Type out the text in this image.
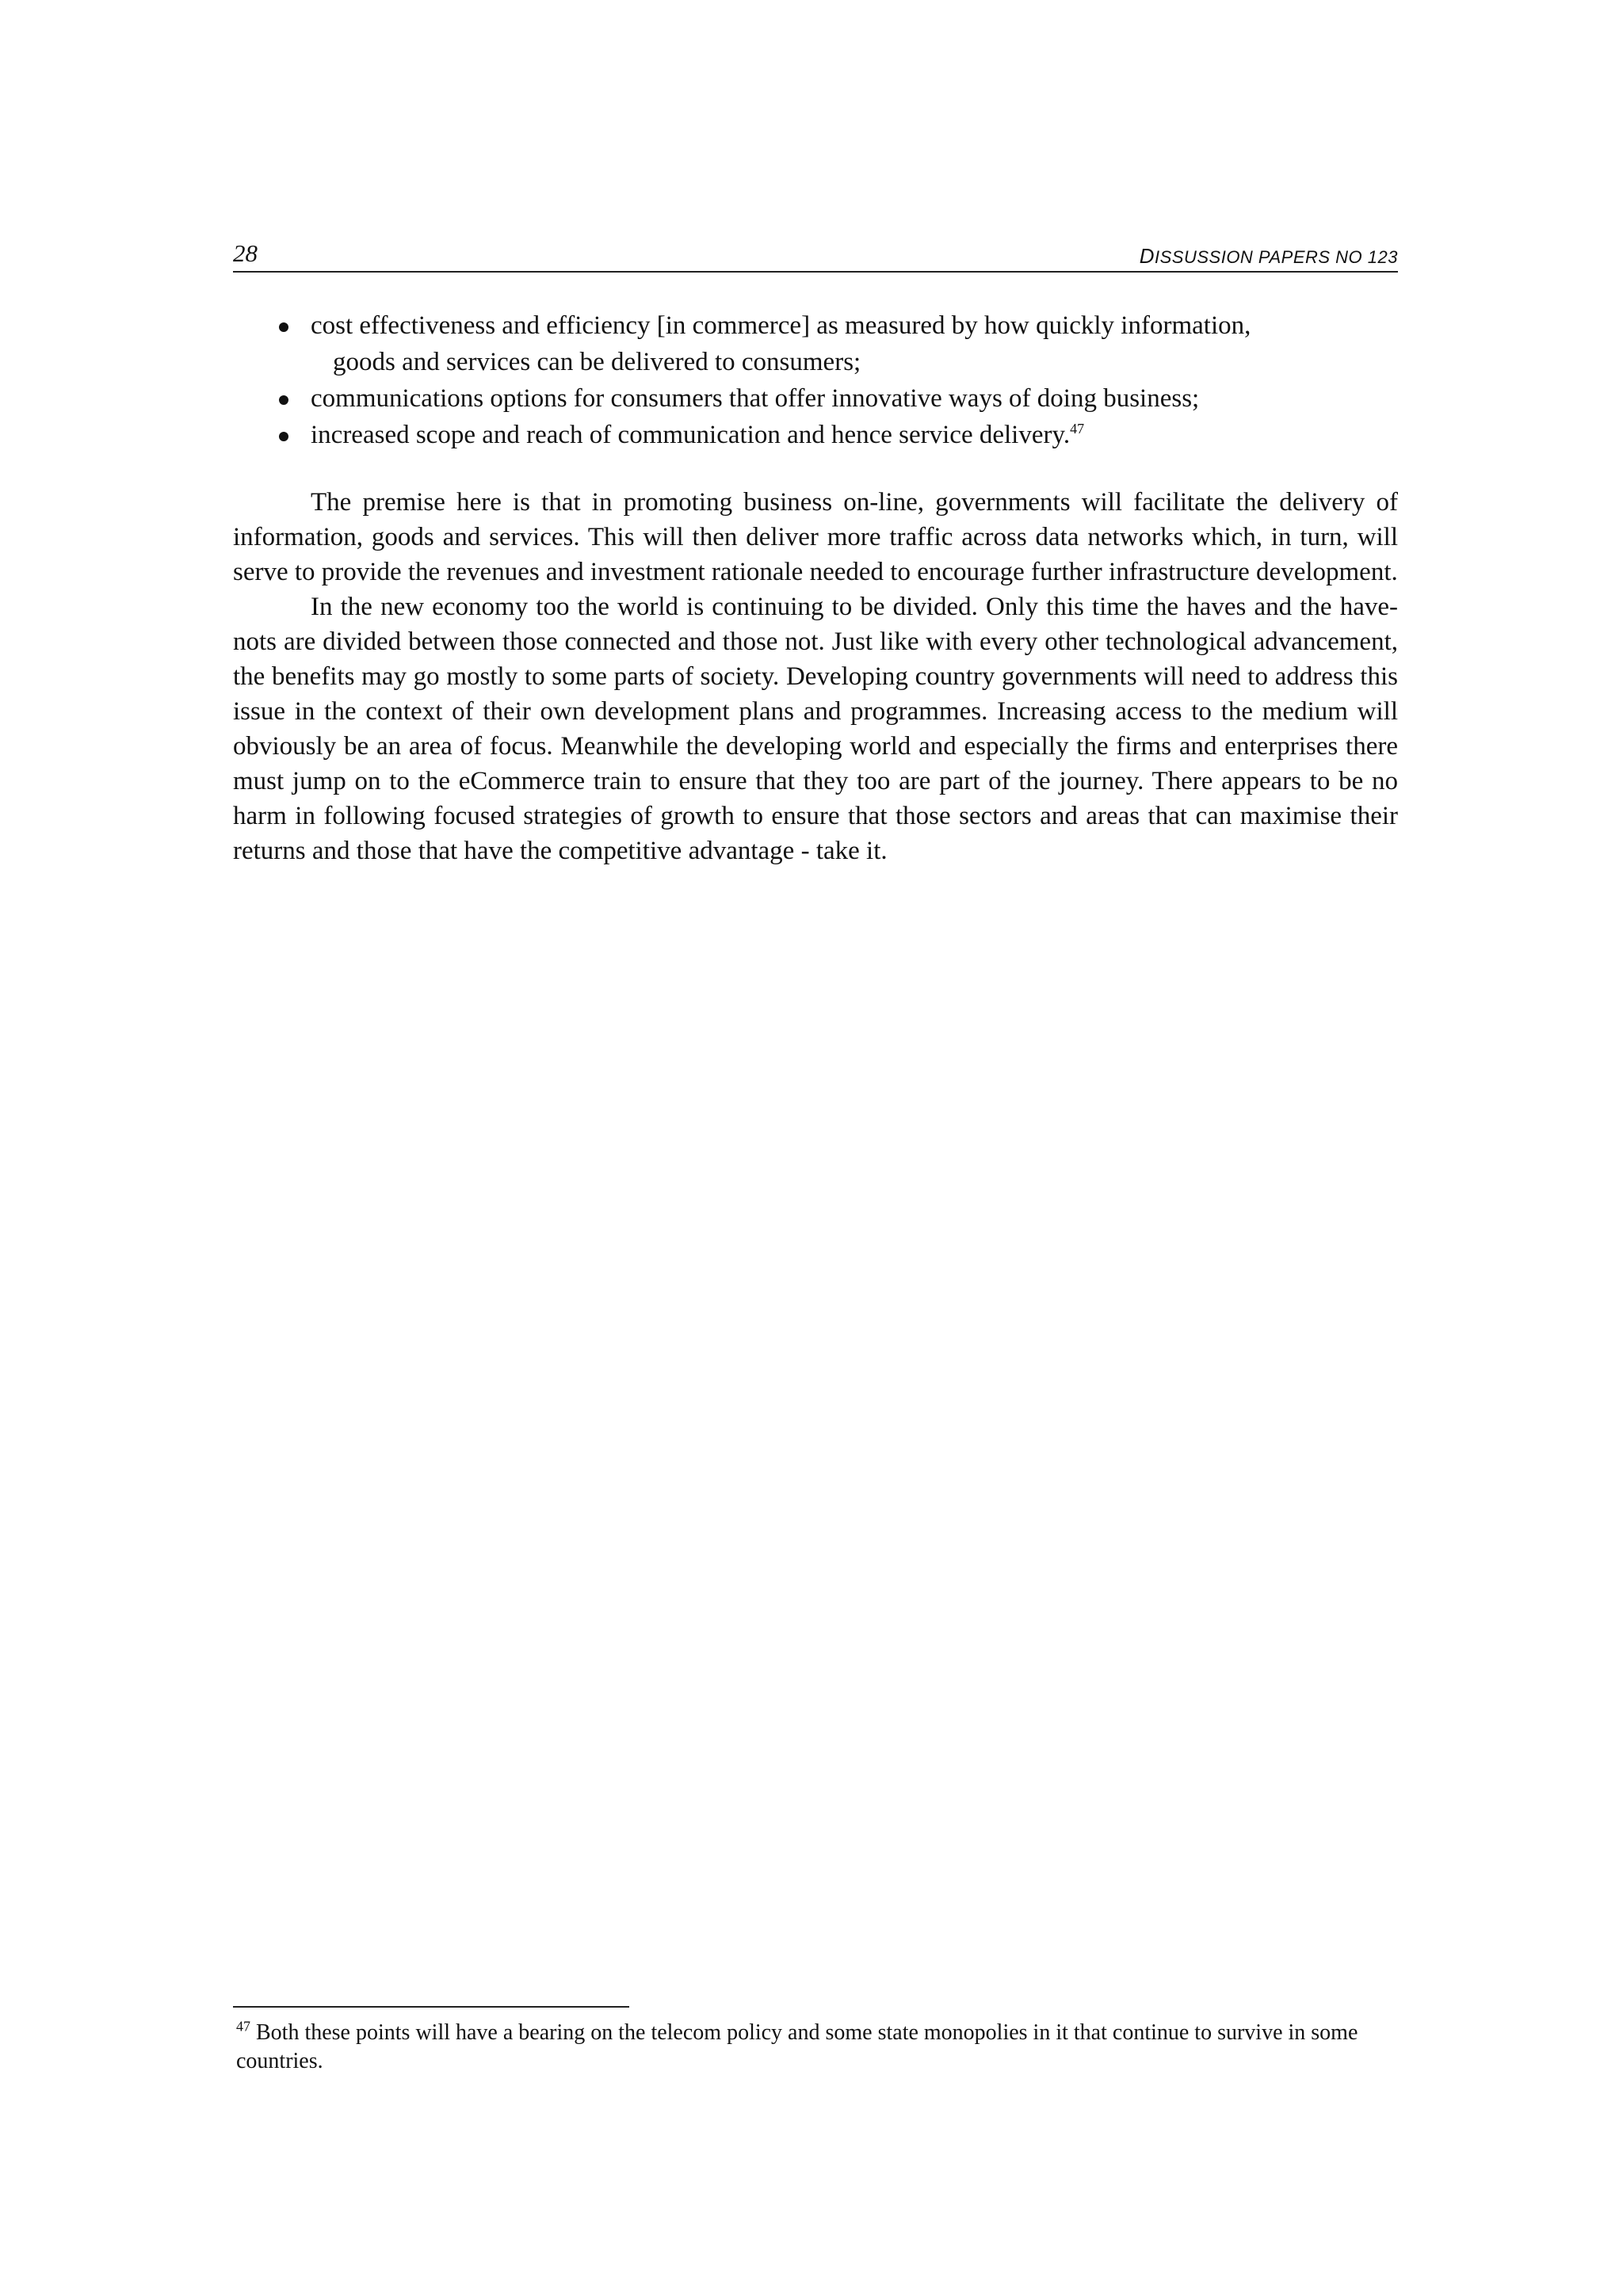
28	DISSUSSION PAPERS NO 123
cost effectiveness and efficiency [in commerce] as measured by how quickly information,
goods and services can be delivered to consumers;
communications options for consumers that offer innovative ways of doing business;
increased scope and reach of communication and hence service delivery.$^{47}$

The premise here is that in promoting business on-line, governments will facilitate the delivery of information, goods and services. This will then deliver more traffic across data networks which, in turn, will serve to provide the revenues and investment rationale needed to encourage further infrastructure development.

In the new economy too the world is continuing to be divided. Only this time the haves and the have-nots are divided between those connected and those not. Just like with every other technological advancement, the benefits may go mostly to some parts of society. Developing country governments will need to address this issue in the context of their own development plans and programmes. Increasing access to the medium will obviously be an area of focus. Meanwhile the developing world and especially the firms and enterprises there must jump on to the eCommerce train to ensure that they too are part of the journey. There appears to be no harm in following focused strategies of growth to ensure that those sectors and areas that can maximise their returns and those that have the competitive advantage - take it.

$^{47}$ Both these points will have a bearing on the telecom policy and some state monopolies in it that continue to survive in some countries.
